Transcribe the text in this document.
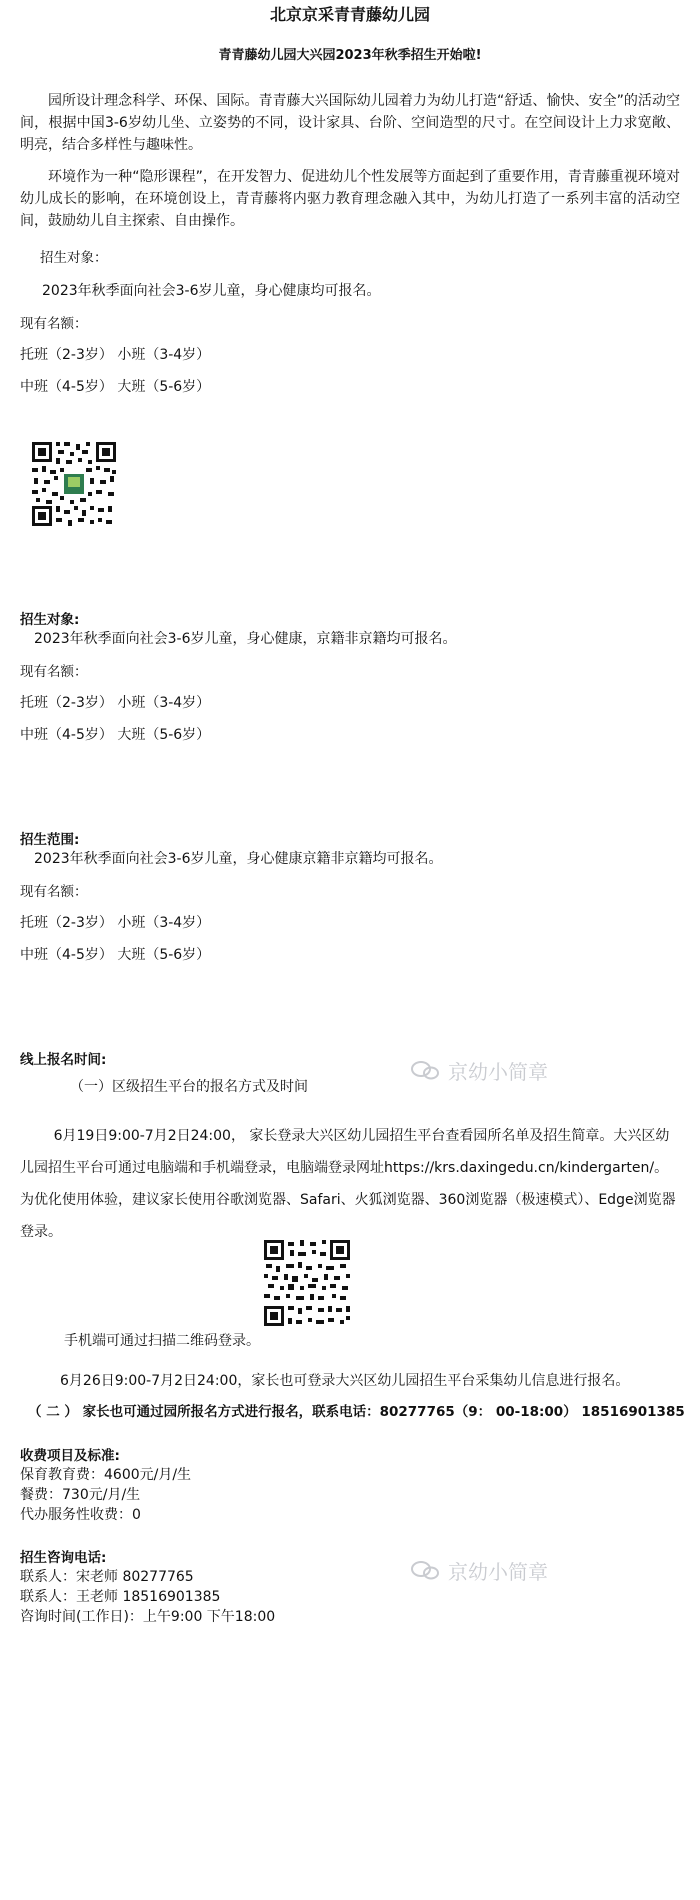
北京京采青青藤幼儿园
青青藤幼儿园大兴园2023年秋季招生开始啦!
园所设计理念科学、环保、国际。青青藤大兴国际幼儿园着力为幼儿打造“舒适、愉快、安全”的活动空间，根据中国3-6岁幼儿坐、立姿势的不同，设计家具、台阶、空间造型的尺寸。在空间设计上力求宽敞、明亮，结合多样性与趣味性。
环境作为一种“隐形课程”，在开发智力、促进幼儿个性发展等方面起到了重要作用，青青藤重视环境对幼儿成长的影响，在环境创设上，青青藤将内驱力教育理念融入其中，为幼儿打造了一系列丰富的活动空间，鼓励幼儿自主探索、自由操作。
招生对象：
2023年秋季面向社会3-6岁儿童，身心健康均可报名。
现有名额：
托班（2-3岁） 小班（3-4岁）
中班（4-5岁） 大班（5-6岁）
招生对象:
2023年秋季面向社会3-6岁儿童，身心健康，京籍非京籍均可报名。
现有名额：
托班（2-3岁） 小班（3-4岁）
中班（4-5岁） 大班（5-6岁）
招生范围:
2023年秋季面向社会3-6岁儿童，身心健康京籍非京籍均可报名。
现有名额：
托班（2-3岁） 小班（3-4岁）
中班（4-5岁） 大班（5-6岁）
线上报名时间:	京幼小简章
（一）区级招生平台的报名方式及时间
6月19日9:00-7月2日24:00， 家长登录大兴区幼儿园招生平台查看园所名单及招生简章。大兴区幼儿园招生平台可通过电脑端和手机端登录，电脑端登录网址https://krs.daxingedu.cn/kindergarten/。为优化使用体验，建议家长使用谷歌浏览器、Safari、火狐浏览器、360浏览器（极速模式）、Edge浏览器登录。
手机端可通过扫描二维码登录。
6月26日9:00-7月2日24:00，家长也可登录大兴区幼儿园招生平台采集幼儿信息进行报名。
（ 二 ） 家长也可通过园所报名方式进行报名，联系电话：80277765（9： 00-18:00） 18516901385
收费项目及标准:
保育教育费：4600元/月/生
餐费：730元/月/生
代办服务性收费：0
招生咨询电话:
联系人：宋老师 80277765
联系人：王老师 18516901385
咨询时间(工作日)：上午9:00 下午18:00
京幼小简章
